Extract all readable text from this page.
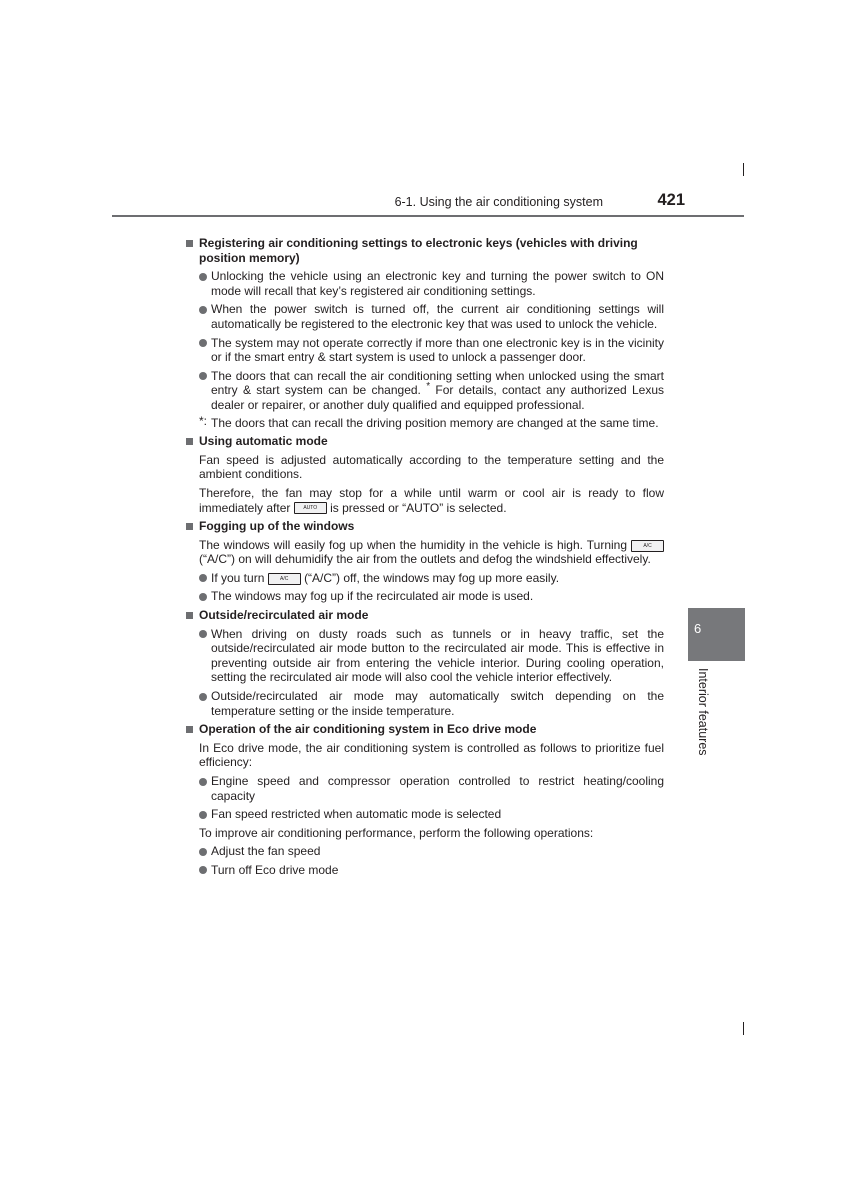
6-1. Using the air conditioning system	421
6
Interior features
Registering air conditioning settings to electronic keys (vehicles with driving position memory)
Unlocking the vehicle using an electronic key and turning the power switch to ON mode will recall that key’s registered air conditioning settings.
When the power switch is turned off, the current air conditioning settings will automatically be registered to the electronic key that was used to unlock the vehicle.
The system may not operate correctly if more than one electronic key is in the vicinity or if the smart entry & start system is used to unlock a passenger door.
The doors that can recall the air conditioning setting when unlocked using the smart entry & start system can be changed. * For details, contact any authorized Lexus dealer or repairer, or another duly qualified and equipped professional.
*: The doors that can recall the driving position memory are changed at the same time.
Using automatic mode
Fan speed is adjusted automatically according to the temperature setting and the ambient conditions.
Therefore, the fan may stop for a while until warm or cool air is ready to flow immediately after	AUTO is pressed or “AUTO” is selected.
Fogging up of the windows
The windows will easily fog up when the humidity in the vehicle is high. Turning	A/C (“A/C”) on will dehumidify the air from the outlets and defog the windshield effectively.
If you turn	A/C (“A/C”) off, the windows may fog up more easily.
The windows may fog up if the recirculated air mode is used.
Outside/recirculated air mode
When driving on dusty roads such as tunnels or in heavy traffic, set the outside/recirculated air mode button to the recirculated air mode. This is effective in preventing outside air from entering the vehicle interior. During cooling operation, setting the recirculated air mode will also cool the vehicle interior effectively.
Outside/recirculated air mode may automatically switch depending on the temperature setting or the inside temperature.
Operation of the air conditioning system in Eco drive mode
In Eco drive mode, the air conditioning system is controlled as follows to prioritize fuel efficiency:
Engine speed and compressor operation controlled to restrict heating/cooling capacity
Fan speed restricted when automatic mode is selected
To improve air conditioning performance, perform the following operations:
Adjust the fan speed
Turn off Eco drive mode
